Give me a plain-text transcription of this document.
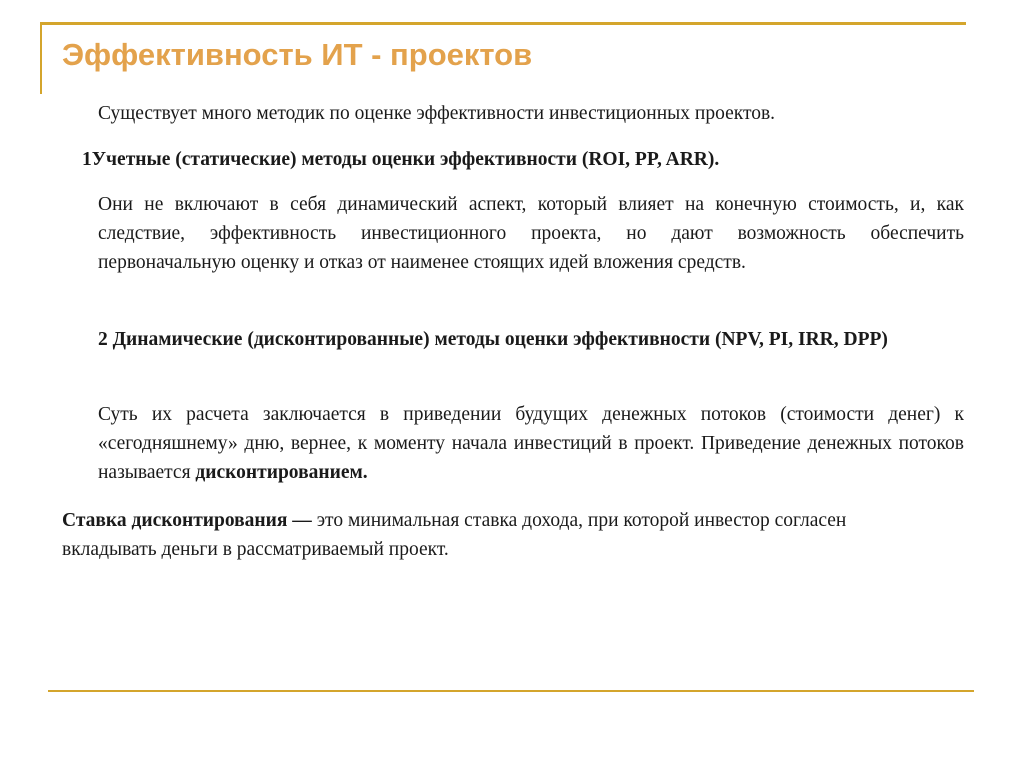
Эффективность ИТ - проектов

Существует много методик по оценке эффективности инвестиционных проектов.

1Учетные (статические) методы оценки эффективности (ROI, PP, ARR).

Они не включают в себя динамический аспект, который влияет на конечную стоимость, и, как следствие, эффективность инвестиционного проекта, но дают возможность обеспечить первоначальную оценку и отказ от наименее стоящих идей вложения средств.

2 Динамические (дисконтированные) методы оценки эффективности (NPV, PI, IRR, DPP)

Суть их расчета заключается в приведении будущих денежных потоков (стоимости денег) к «сегодняшнему» дню, вернее, к моменту начала инвестиций в проект. Приведение денежных потоков называется дисконтированием.

Ставка дисконтирования — это минимальная ставка дохода, при которой инвестор согласен вкладывать деньги в рассматриваемый проект.
